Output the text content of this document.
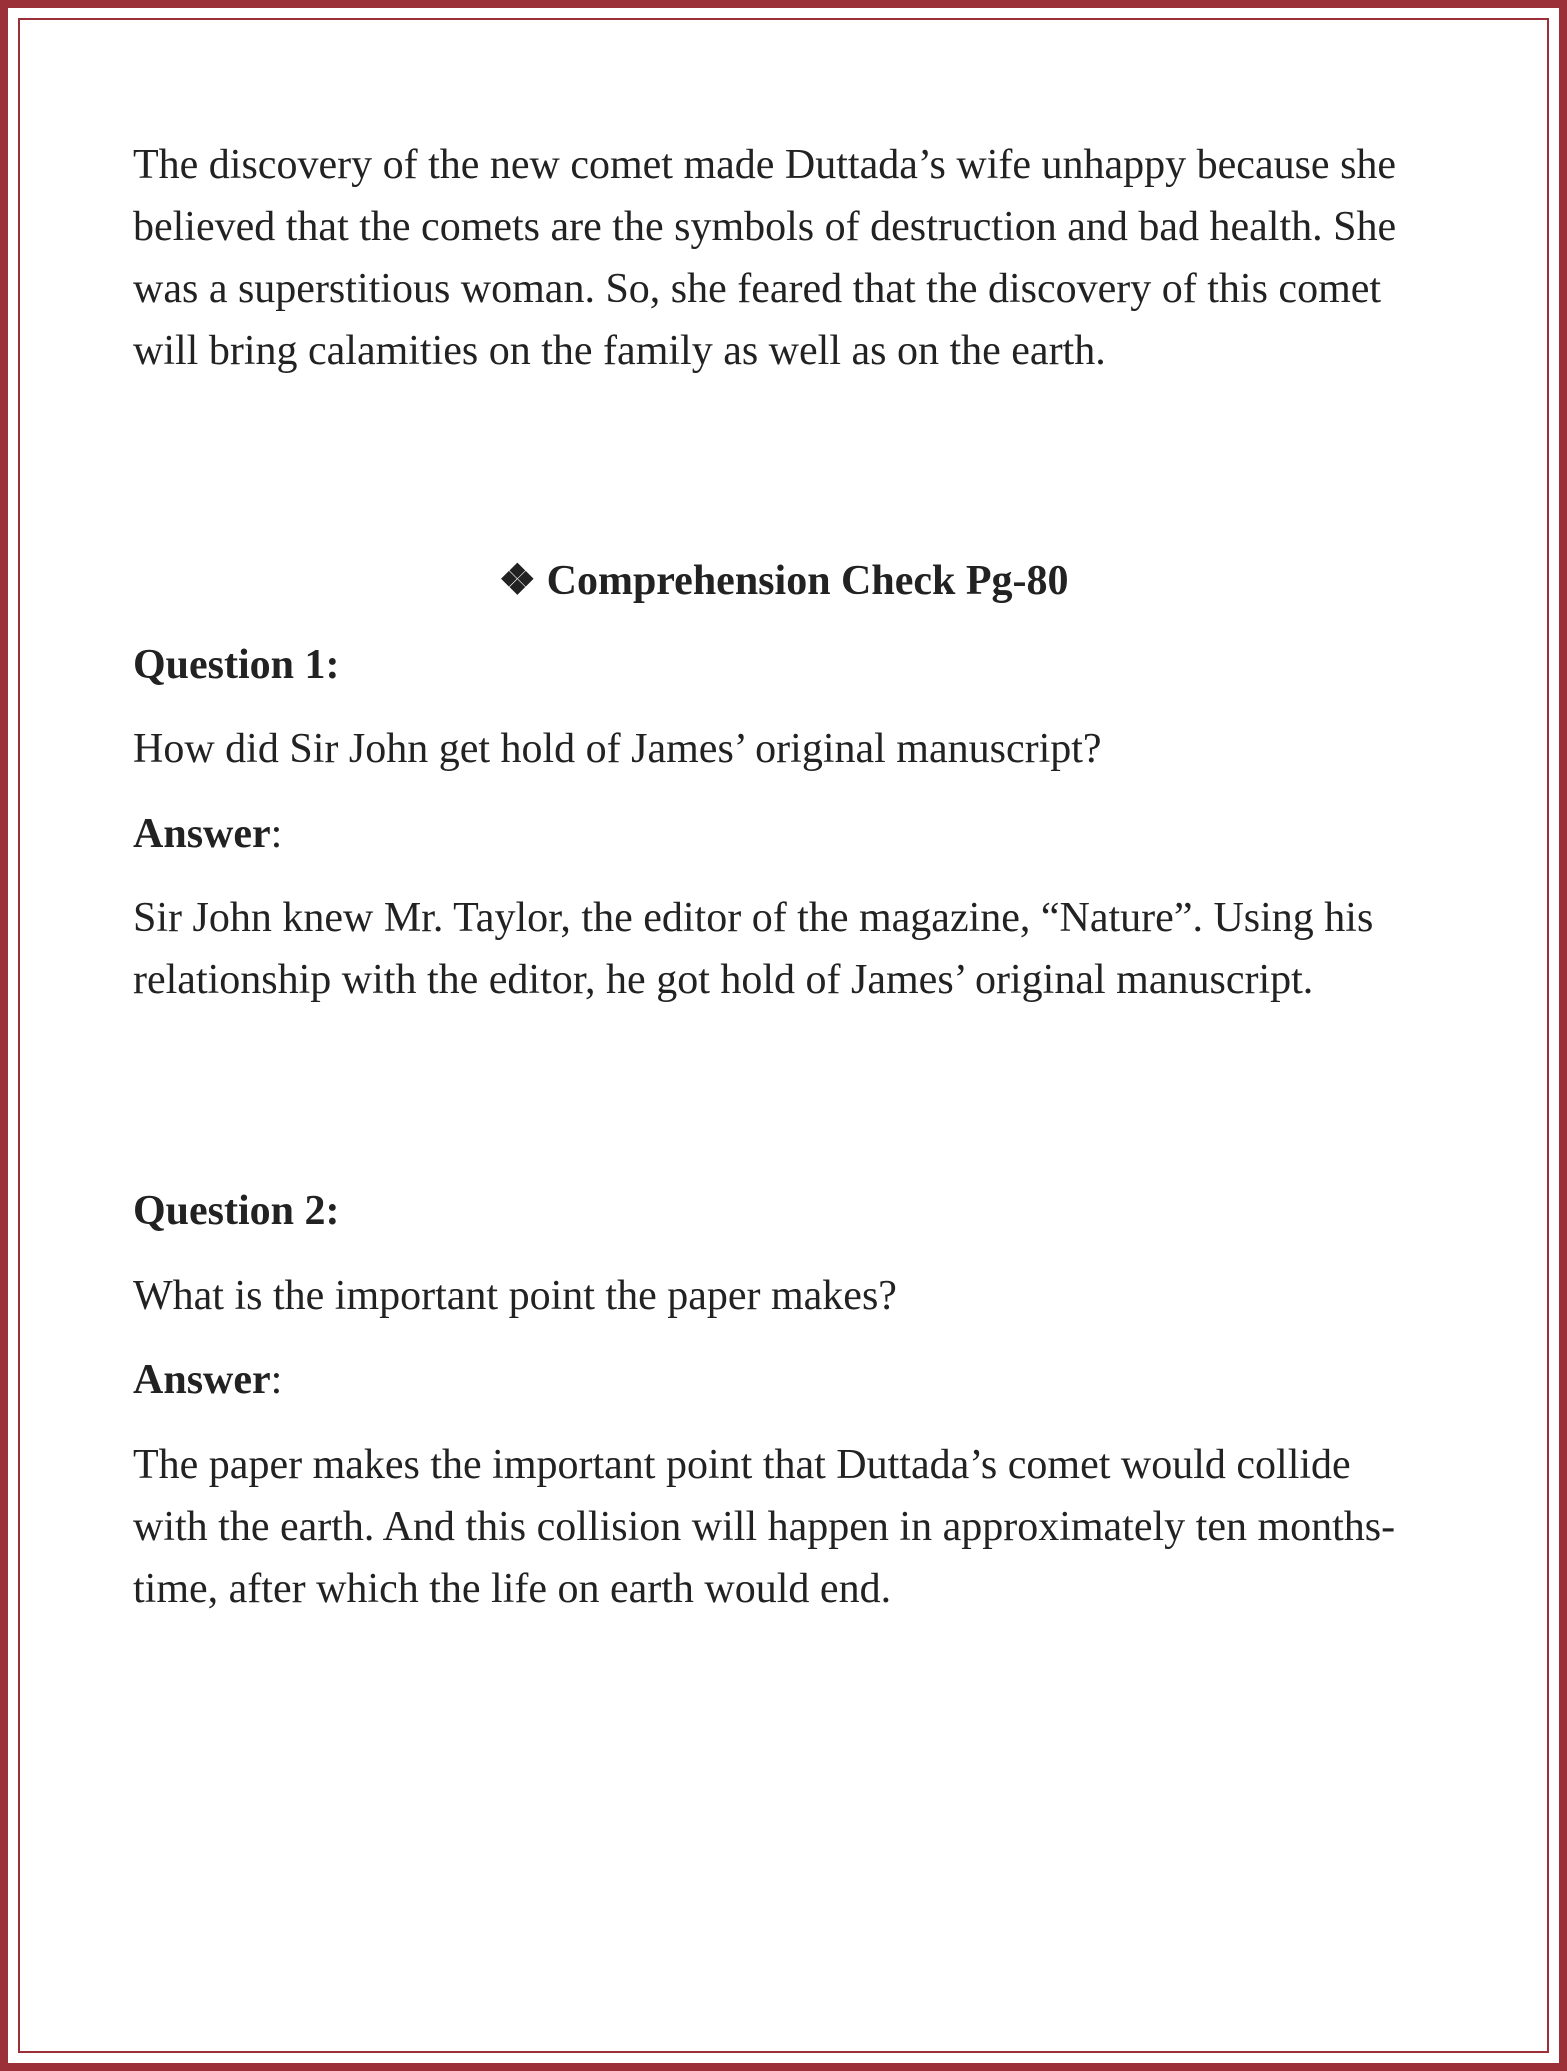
The discovery of the new comet made Duttada’s wife unhappy because she believed that the comets are the symbols of destruction and bad health. She was a superstitious woman. So, she feared that the discovery of this comet will bring calamities on the family as well as on the earth.
❖ Comprehension Check Pg-80
Question 1:
How did Sir John get hold of James’ original manuscript?
Answer:
Sir John knew Mr. Taylor, the editor of the magazine, “Nature”. Using his relationship with the editor, he got hold of James’ original manuscript.
Question 2:
What is the important point the paper makes?
Answer:
The paper makes the important point that Duttada’s comet would collide with the earth. And this collision will happen in approximately ten months-time, after which the life on earth would end.
